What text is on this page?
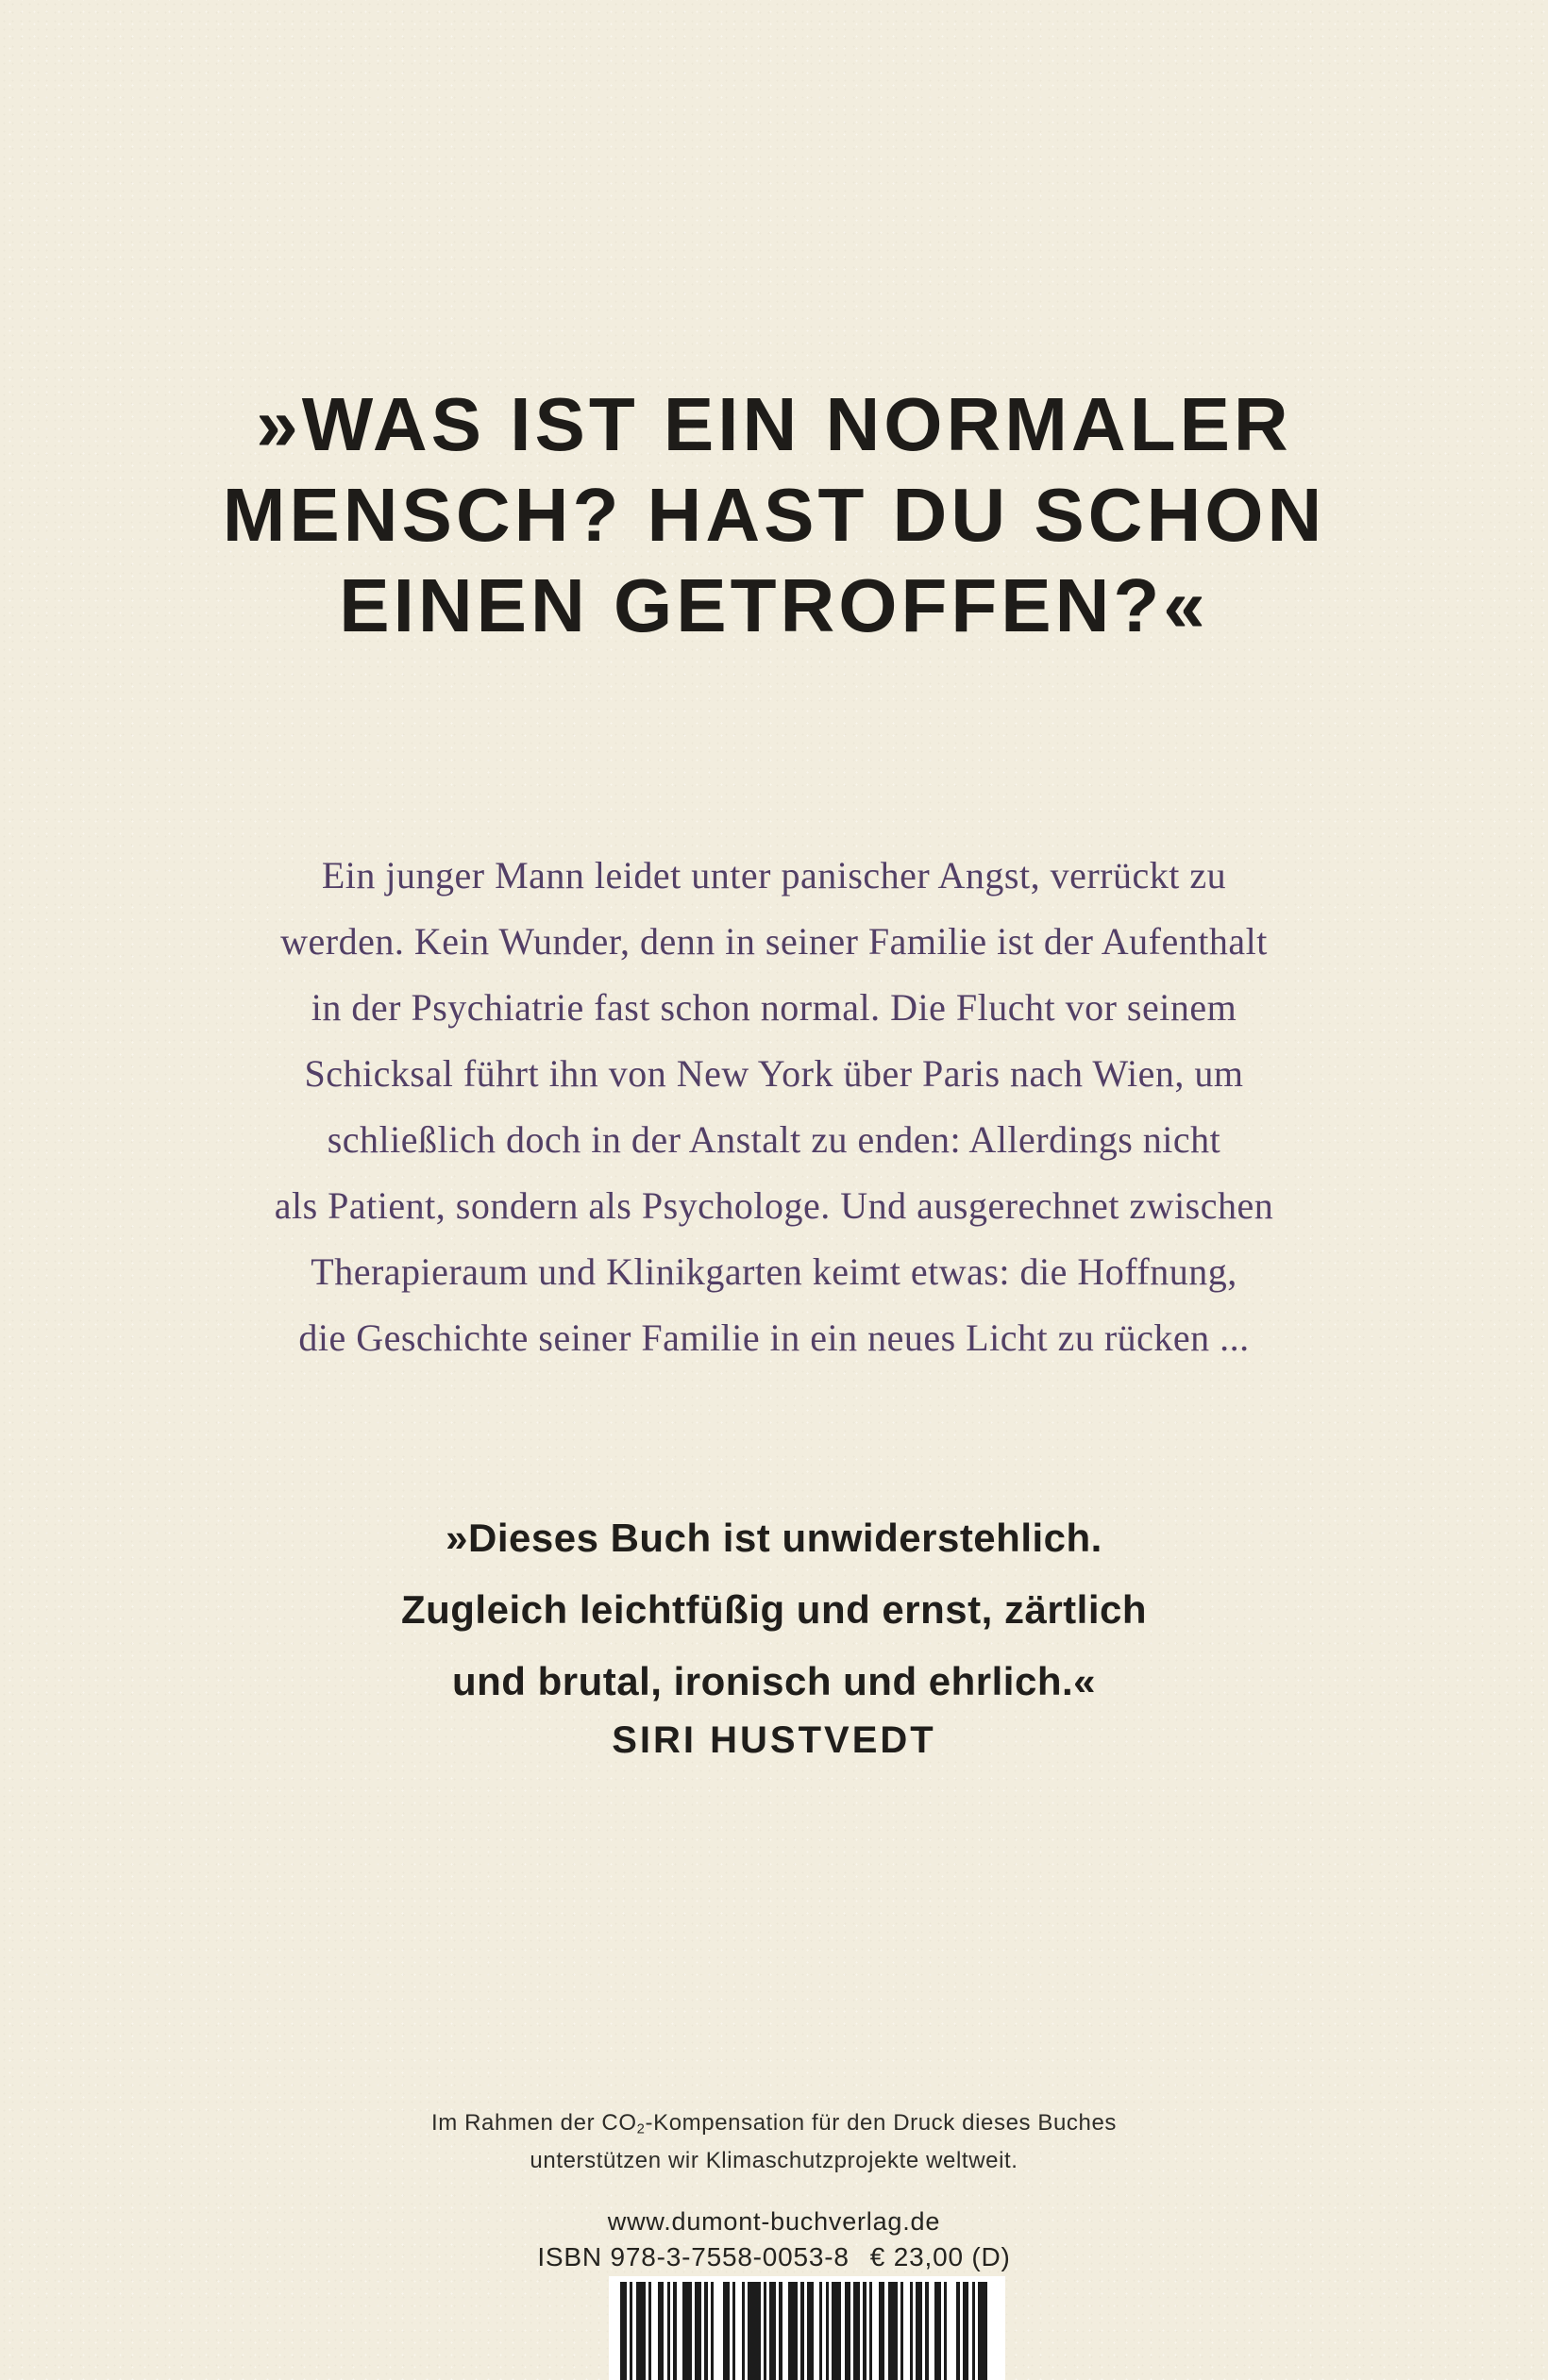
»WAS IST EIN NORMALER
MENSCH? HAST DU SCHON
EINEN GETROFFEN?«
Ein junger Mann leidet unter panischer Angst, verrückt zu
werden. Kein Wunder, denn in seiner Familie ist der Aufenthalt
in der Psychiatrie fast schon normal. Die Flucht vor seinem
Schicksal führt ihn von New York über Paris nach Wien, um
schließlich doch in der Anstalt zu enden: Allerdings nicht
als Patient, sondern als Psychologe. Und ausgerechnet zwischen
Therapieraum und Klinikgarten keimt etwas: die Hoffnung,
die Geschichte seiner Familie in ein neues Licht zu rücken ...
»Dieses Buch ist unwiderstehlich.
Zugleich leichtfüßig und ernst, zärtlich
und brutal, ironisch und ehrlich.«
SIRI HUSTVEDT
Im Rahmen der $CO_2$-Kompensation für den Druck dieses Buches
unterstützen wir Klimaschutzprojekte weltweit.
www.dumont-buchverlag.de
ISBN 978-3-7558-0053-8 € 23,00 (D)
